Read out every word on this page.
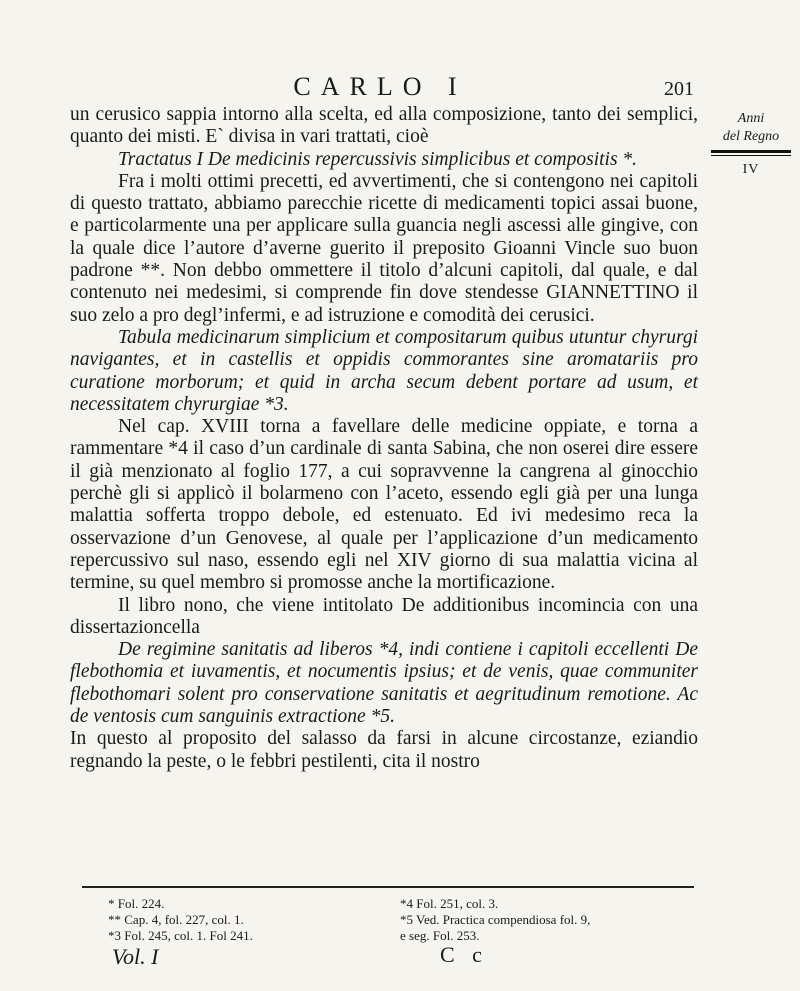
CARLO I	201
Anni
del Regno
IV

un cerusico sappia intorno alla scelta, ed alla composizione, tanto dei semplici, quanto dei misti. E` divisa in vari trattati, cioè

Tractatus I De medicinis repercussivis simplicibus et compositis *.

Fra i molti ottimi precetti, ed avvertimenti, che si contengono nei capitoli di questo trattato, abbiamo parecchie ricette di medicamenti topici assai buone, e particolarmente una per applicare sulla guancia negli ascessi alle gingive, con la quale dice l’autore d’averne guerito il preposito Gioanni Vincle suo buon padrone **. Non debbo ommettere il titolo d’alcuni capitoli, dal quale, e dal contenuto nei medesimi, si comprende fin dove stendesse GIANNETTINO il suo zelo a pro degl’infermi, e ad istruzione e comodità dei cerusici.

Tabula medicinarum simplicium et compositarum quibus utuntur chyrurgi navigantes, et in castellis et oppidis commorantes sine aromatariis pro curatione morborum; et quid in archa secum debent portare ad usum, et necessitatem chyrurgiae *3.

Nel cap. XVIII torna a favellare delle medicine oppiate, e torna a rammentare *4 il caso d’un cardinale di santa Sabina, che non oserei dire essere il già menzionato al foglio 177, a cui sopravvenne la cangrena al ginocchio perchè gli si applicò il bolarmeno con l’aceto, essendo egli già per una lunga malattia sofferta troppo debole, ed estenuato. Ed ivi medesimo reca la osservazione d’un Genovese, al quale per l’applicazione d’un medicamento repercussivo sul naso, essendo egli nel XIV giorno di sua malattia vicina al termine, su quel membro si promosse anche la mortificazione.

Il libro nono, che viene intitolato De additionibus incomincia con una dissertazioncella

De regimine sanitatis ad liberos *4, indi contiene i capitoli eccellenti De flebothomia et iuvamentis, et nocumentis ipsius; et de venis, quae communiter flebothomari solent pro conservatione sanitatis et aegritudinum remotione. Ac de ventosis cum sanguinis extractione *5.

In questo al proposito del salasso da farsi in alcune circostanze, eziandio regnando la peste, o le febbri pestilenti, cita il nostro

* Fol. 224.
** Cap. 4, fol. 227, col. 1.
*3 Fol. 245, col. 1. Fol 241.
*4 Fol. 251, col. 3.
*5 Ved. Practica compendiosa fol. 9,
e seg. Fol. 253.
Vol. I	C c
